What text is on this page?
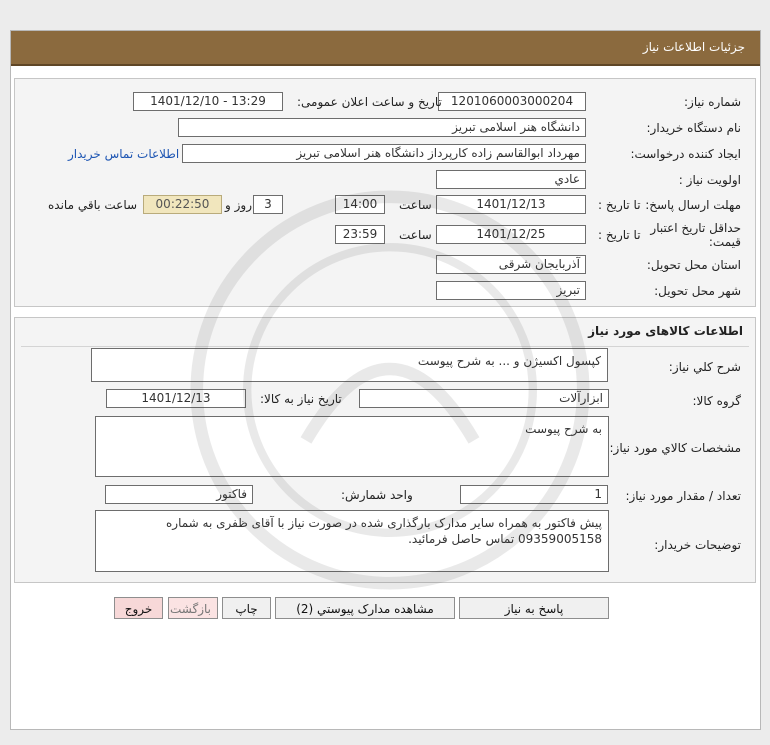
جزئیات اطلاعات نیاز
شماره نیاز:
1201060003000204
تاریخ و ساعت اعلان عمومی:
1401/12/10 - 13:29
نام دستگاه خریدار:
دانشگاه هنر اسلامی تبریز
ایجاد کننده درخواست:
مهرداد ابوالقاسم زاده کارپرداز دانشگاه هنر اسلامی تبریز
اطلاعات تماس خریدار
اولویت نیاز :
عادي
مهلت ارسال پاسخ:
تا تاریخ :
1401/12/13
ساعت
14:00
3
روز و
00:22:50
ساعت باقي مانده
حداقل تاریخ اعتبار
قیمت:
تا تاریخ :
1401/12/25
ساعت
23:59
استان محل تحویل:
آذربایجان شرقی
شهر محل تحویل:
تبریز
اطلاعات کالاهای مورد نیاز
شرح کلي نیاز:
کپسول اکسیژن و ... به شرح پیوست
گروه کالا:
ابزارآلات
تاریخ نیاز به کالا:
1401/12/13
مشخصات کالاي مورد نیاز:
به شرح پیوست
تعداد / مقدار مورد نیاز:
1
واحد شمارش:
فاکتور
توضیحات خریدار:
پیش فاکتور به همراه سایر مدارک بارگذاری شده در صورت نیاز با آقای ظفری به شماره 09359005158 تماس حاصل فرمائید.
پاسخ به نیاز
مشاهده مدارک پیوستي (2)
چاپ
بازگشت
خروج
